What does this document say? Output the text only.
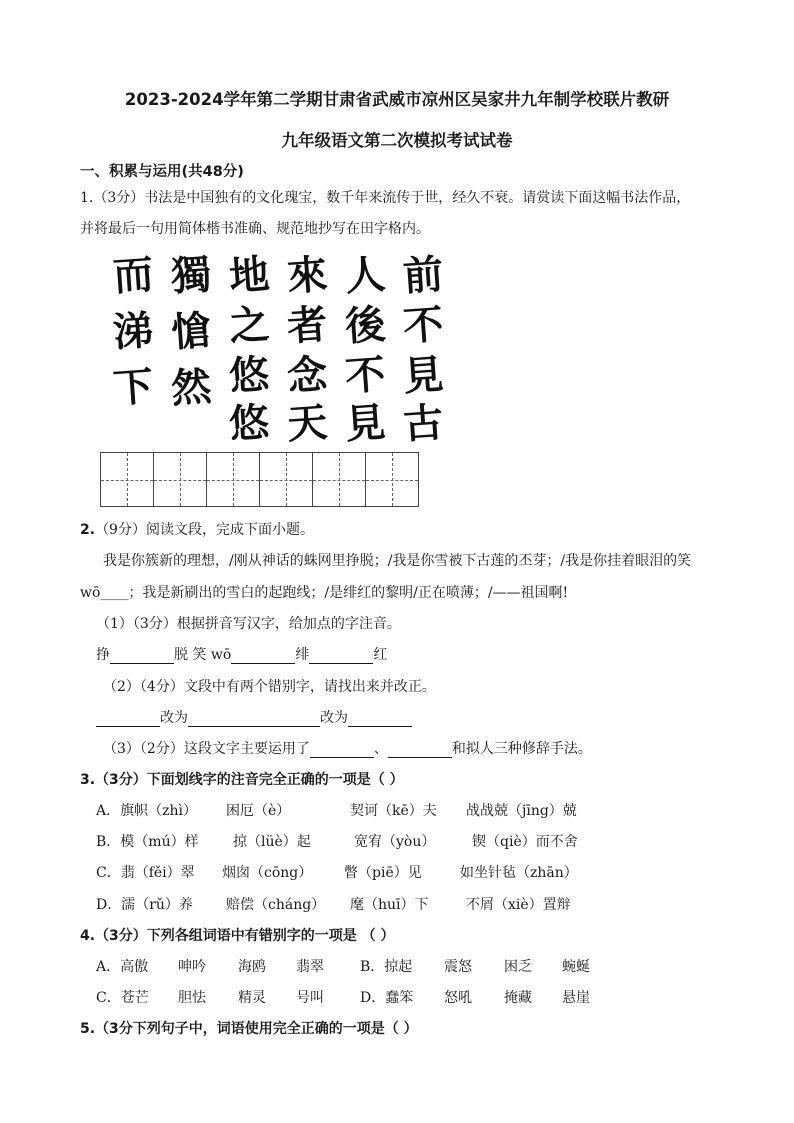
2023-2024学年第二学期甘肃省武威市凉州区吴家井九年制学校联片教研
九年级语文第二次模拟考试试卷
一、积累与运用(共48分)
1.（3分）书法是中国独有的文化瑰宝，数千年来流传于世，经久不衰。请赏读下面这幅书法作品，
并将最后一句用简体楷书准确、规范地抄写在田字格内。
而
涕
下
獨
愴
然
地
之
悠
悠
來
者
念
天
人
後
不
見
前
不
見
古
2.（9分）阅读文段，完成下面小题。
我是你簇新的理想，/刚从神话的蛛网里挣脱；/我是你雪被下古莲的丕芽；/我是你挂着眼泪的笑
wō____；我是新刷出的雪白的起跑线；/是绯红的黎明/正在喷薄；/——祖国啊!
（1）（3分）根据拼音写汉字，给加点的字注音。
挣	脱 笑 wō	绯	红
（2）（4分）文段中有两个错别字，请找出来并改正。
改为	改为
（3）（2分）这段文字主要运用了	、	和拟人三种修辞手法。
3.（3分）下面划线字的注音完全正确的一项是（ ）
A．旗帜（zhì） 困厄（è）	契诃（kē）夫 战战兢（jīng）兢
B．模（mú）样 掠（lüè）起	宽宥（yòu）	锲（qiè）而不舍
C．翡（fěi）翠 烟囱（cōng） 瞥（piē）见	如坐针毡（zhān）
D．濡（rǔ）养 赔偿（cháng） 麾（huī）下	不屑（xiè）置辩
4.（3分）下列各组词语中有错别字的一项是 （ ）
A．高傲 呻吟 海鸥 翡翠	B．掠起 震怒 困乏 蜿蜒
C．苍芒 胆怯 精灵 号叫	D．蠢笨 怒吼 掩藏 悬崖
5.（3分下列句子中，词语使用完全正确的一项是（ ）
